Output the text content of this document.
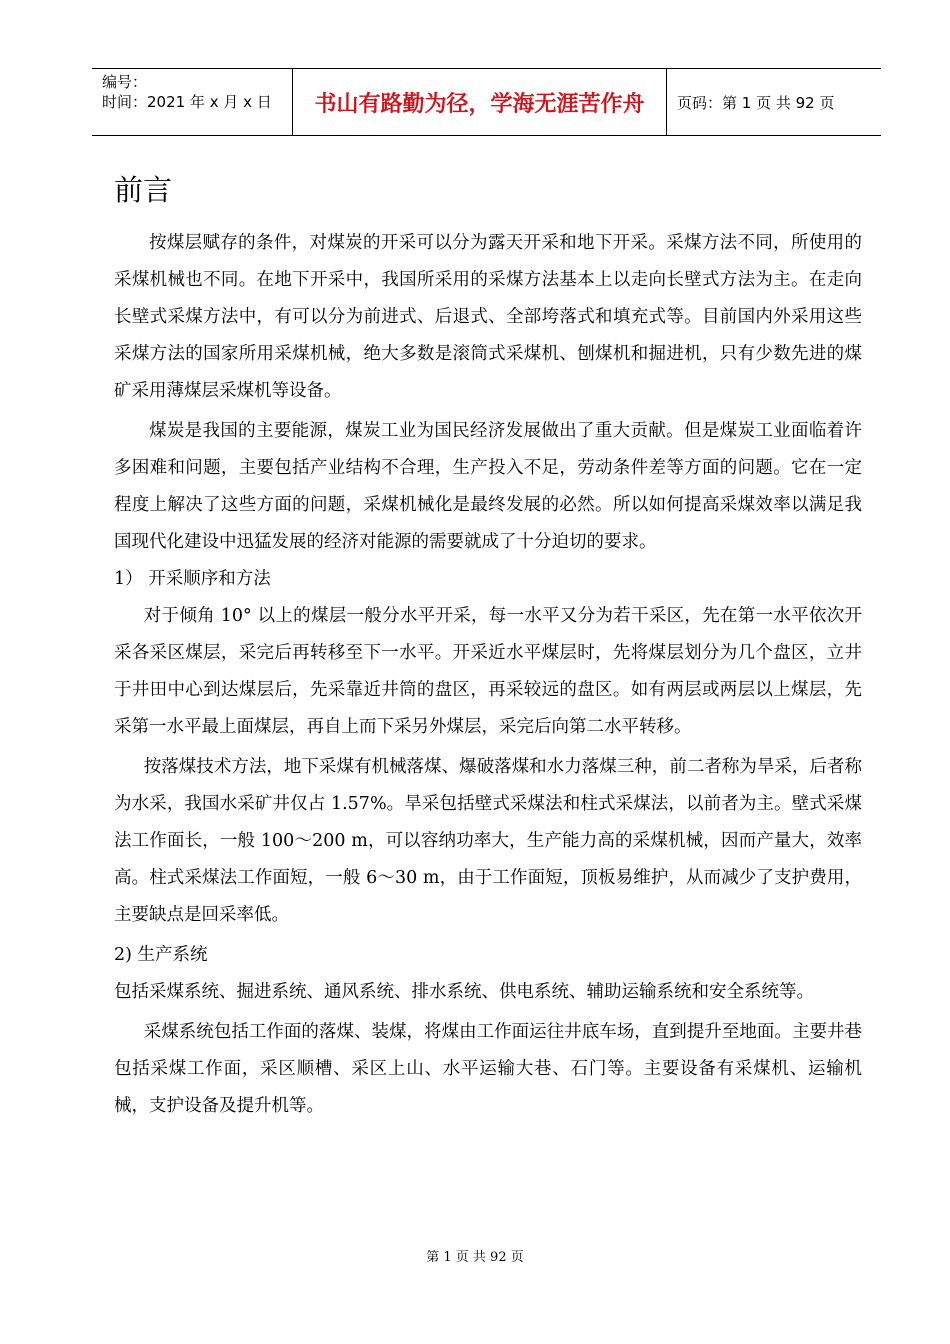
编号：
时间：2021 年 x 月 x 日	书山有路勤为径，学海无涯苦作舟	页码：第 1 页 共 92 页
前言

按煤层赋存的条件，对煤炭的开采可以分为露天开采和地下开采。采煤方法不同，所使用的采煤机械也不同。在地下开采中，我国所采用的采煤方法基本上以走向长壁式方法为主。在走向长壁式采煤方法中，有可以分为前进式、后退式、全部垮落式和填充式等。目前国内外采用这些采煤方法的国家所用采煤机械，绝大多数是滚筒式采煤机、刨煤机和掘进机，只有少数先进的煤矿采用薄煤层采煤机等设备。

煤炭是我国的主要能源，煤炭工业为国民经济发展做出了重大贡献。但是煤炭工业面临着许多困难和问题，主要包括产业结构不合理，生产投入不足，劳动条件差等方面的问题。它在一定程度上解决了这些方面的问题，采煤机械化是最终发展的必然。所以如何提高采煤效率以满足我国现代化建设中迅猛发展的经济对能源的需要就成了十分迫切的要求。

1） 开采顺序和方法

对于倾角 10° 以上的煤层一般分水平开采，每一水平又分为若干采区，先在第一水平依次开采各采区煤层，采完后再转移至下一水平。开采近水平煤层时，先将煤层划分为几个盘区，立井于井田中心到达煤层后，先采靠近井筒的盘区，再采较远的盘区。如有两层或两层以上煤层，先采第一水平最上面煤层，再自上而下采另外煤层，采完后向第二水平转移。

按落煤技术方法，地下采煤有机械落煤、爆破落煤和水力落煤三种，前二者称为旱采，后者称为水采，我国水采矿井仅占 1.57%。旱采包括壁式采煤法和柱式采煤法，以前者为主。壁式采煤法工作面长，一般 100～200 m，可以容纳功率大，生产能力高的采煤机械，因而产量大，效率高。柱式采煤法工作面短，一般 6～30 m，由于工作面短，顶板易维护，从而减少了支护费用，主要缺点是回采率低。

2) 生产系统

包括采煤系统、掘进系统、通风系统、排水系统、供电系统、辅助运输系统和安全系统等。

采煤系统包括工作面的落煤、装煤，将煤由工作面运往井底车场，直到提升至地面。主要井巷包括采煤工作面，采区顺槽、采区上山、水平运输大巷、石门等。主要设备有采煤机、运输机械，支护设备及提升机等。

第 1 页 共 92 页
